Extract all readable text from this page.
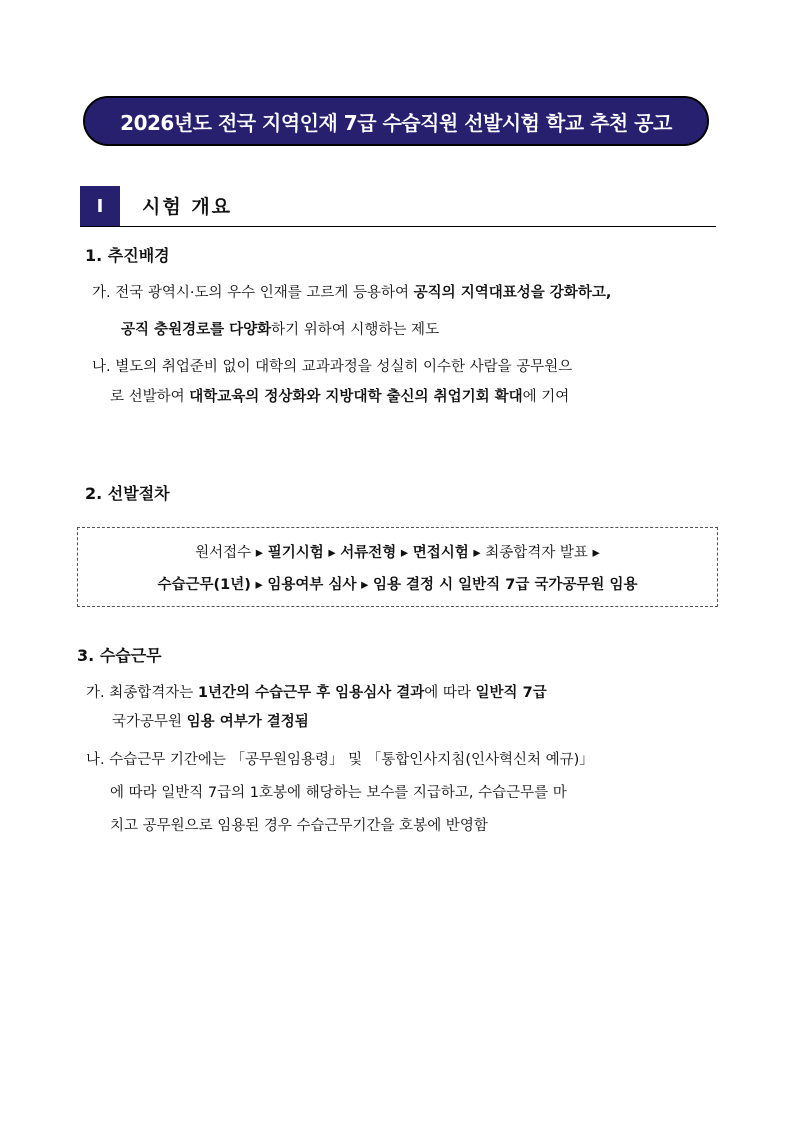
2026년도 전국 지역인재 7급 수습직원 선발시험 학교 추천 공고
I	시험 개요
1. 추진배경
가. 전국 광역시·도의 우수 인재를 고르게 등용하여 공직의 지역대표성을 강화하고,
공직 충원경로를 다양화하기 위하여 시행하는 제도
나. 별도의 취업준비 없이 대학의 교과과정을 성실히 이수한 사람을 공무원으
로 선발하여 대학교육의 정상화와 지방대학 출신의 취업기회 확대에 기여
2. 선발절차
원서접수 ▸ 필기시험 ▸ 서류전형 ▸ 면접시험 ▸ 최종합격자 발표 ▸
수습근무(1년) ▸ 임용여부 심사 ▸ 임용 결정 시 일반직 7급 국가공무원 임용
3. 수습근무
가. 최종합격자는 1년간의 수습근무 후 임용심사 결과에 따라 일반직 7급
국가공무원 임용 여부가 결정됨
나. 수습근무 기간에는 「공무원임용령」 및 「통합인사지침(인사혁신처 예규)」
에 따라 일반직 7급의 1호봉에 해당하는 보수를 지급하고, 수습근무를 마
치고 공무원으로 임용된 경우 수습근무기간을 호봉에 반영함
